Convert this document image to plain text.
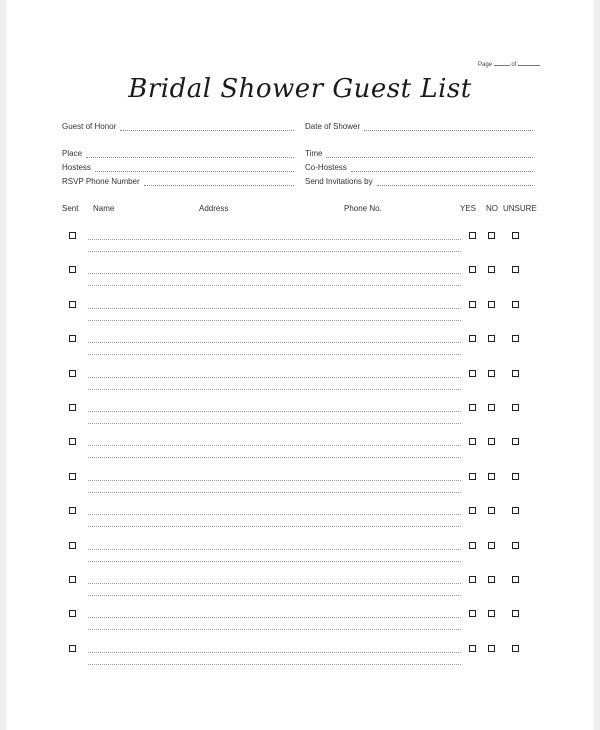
Page	of
Bridal Shower Guest List
Guest of Honor	Date of Shower
Place	Time
Hostess	Co-Hostess
RSVP Phone Number	Send Invitations by
Sent Name	Address	Phone No.	YES NO UNSURE
